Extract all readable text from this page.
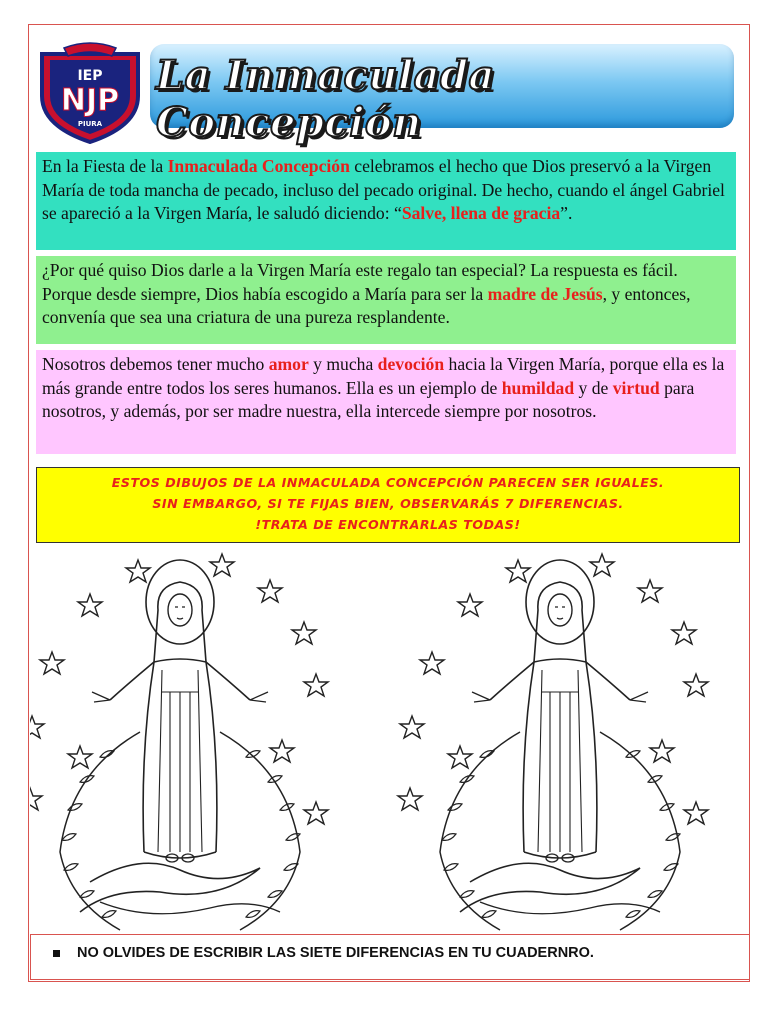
IEP
NJP
PIURA
La Inmaculada Concepción
En la Fiesta de la Inmaculada Concepción celebramos el hecho que Dios preservó a la Virgen María de toda mancha de pecado, incluso del pecado original. De hecho, cuando el ángel Gabriel se apareció a la Virgen María, le saludó diciendo: “Salve, llena de gracia”.
¿Por qué quiso Dios darle a la Virgen María este regalo tan especial? La respuesta es fácil. Porque desde siempre, Dios había escogido a María para ser la madre de Jesús, y entonces, convenía que sea una criatura de una pureza resplandente.
Nosotros debemos tener mucho amor y mucha devoción hacia la Virgen María, porque ella es la más grande entre todos los seres humanos. Ella es un ejemplo de humildad y de virtud para nosotros, y además, por ser madre nuestra, ella intercede siempre por nosotros.
ESTOS DIBUJOS DE LA INMACULADA CONCEPCIÓN PARECEN SER IGUALES.
SIN EMBARGO, SI TE FIJAS BIEN, OBSERVARÁS 7 DIFERENCIAS.
!TRATA DE ENCONTRARLAS TODAS!
NO OLVIDES DE ESCRIBIR LAS SIETE DIFERENCIAS EN TU CUADERNRO.
